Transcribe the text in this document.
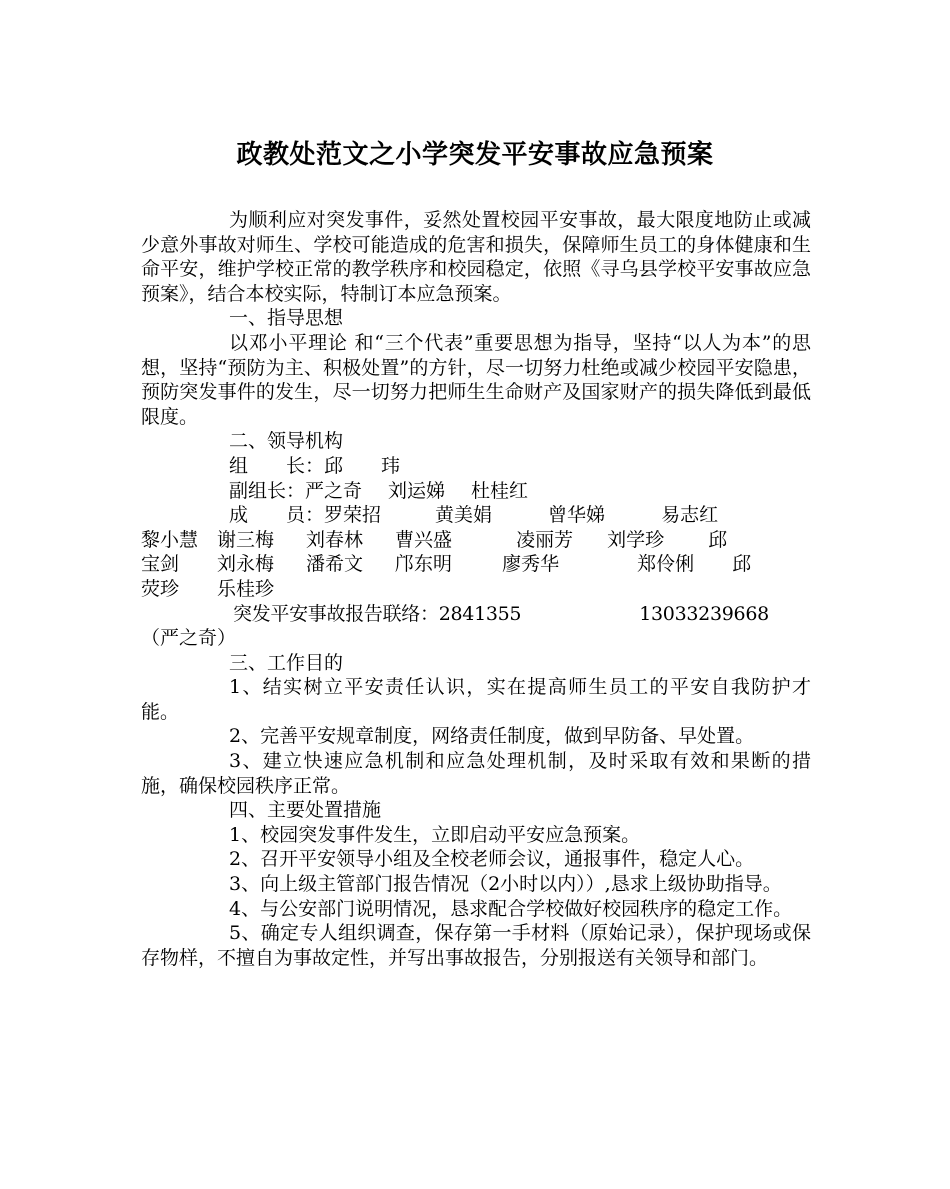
政教处范文之小学突发平安事故应急预案

为顺利应对突发事件，妥然处置校园平安事故，最大限度地防止或减少意外事故对师生、学校可能造成的危害和损失，保障师生员工的身体健康和生命平安，维护学校正常的教学秩序和校园稳定，依照《寻乌县学校平安事故应急预案》，结合本校实际，特制订本应急预案。

一、指导思想

以邓小平理论 和“三个代表”重要思想为指导，坚持“以人为本”的思想，坚持“预防为主、积极处置”的方针，尽一切努力杜绝或减少校园平安隐患，预防突发事件的发生，尽一切努力把师生生命财产及国家财产的损失降低到最低限度。

二、领导机构

组　　长：邱　　玮

副组长：严之奇 刘运娣 杜桂红

成　　员：罗荣招	黄美娟	曾华娣	易志红

黎小慧 谢三梅 刘春林 曹兴盛	凌丽芳 刘学珍 邱

宝剑 刘永梅 潘希文 邝东明	廖秀华	郑伶俐 邱

荧珍 乐桂珍

突发平安事故报告联络：2841355	13033239668

（严之奇）

三、工作目的

1、结实树立平安责任认识，实在提高师生员工的平安自我防护才能。

2、完善平安规章制度，网络责任制度，做到早防备、早处置。

3、建立快速应急机制和应急处理机制，及时采取有效和果断的措施，确保校园秩序正常。

四、主要处置措施

1、校园突发事件发生，立即启动平安应急预案。

2、召开平安领导小组及全校老师会议，通报事件，稳定人心。

3、向上级主管部门报告情况（2小时以内））,恳求上级协助指导。

4、与公安部门说明情况，恳求配合学校做好校园秩序的稳定工作。

5、确定专人组织调查，保存第一手材料（原始记录），保护现场或保存物样，不擅自为事故定性，并写出事故报告，分别报送有关领导和部门。
